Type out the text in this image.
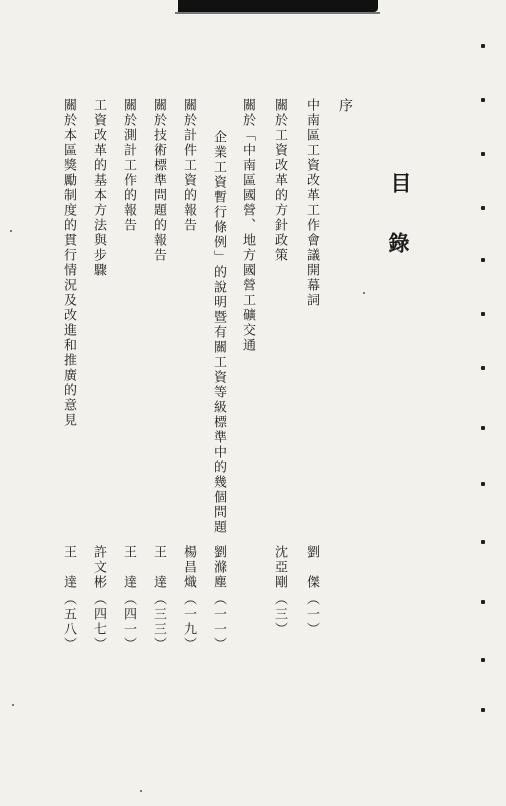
目
錄
序
中南區工資改革工作會議開幕詞
劉　傑
（一）
關於工資改革的方針政策
沈亞剛
（三）
關於「中南區國營、地方國營工礦交通
企業工資暫行條例」的說明暨有關工資等級標準中的幾個問題
劉滌塵
（一一）
關於計件工資的報告
楊昌熾
（一九）
關於技術標準問題的報告
王　達
（三三）
關於測計工作的報告
王　達
（四一）
工資改革的基本方法與步驟
許文彬
（四七）
關於本區獎勵制度的貫行情況及改進和推廣的意見
王　達
（五八）
